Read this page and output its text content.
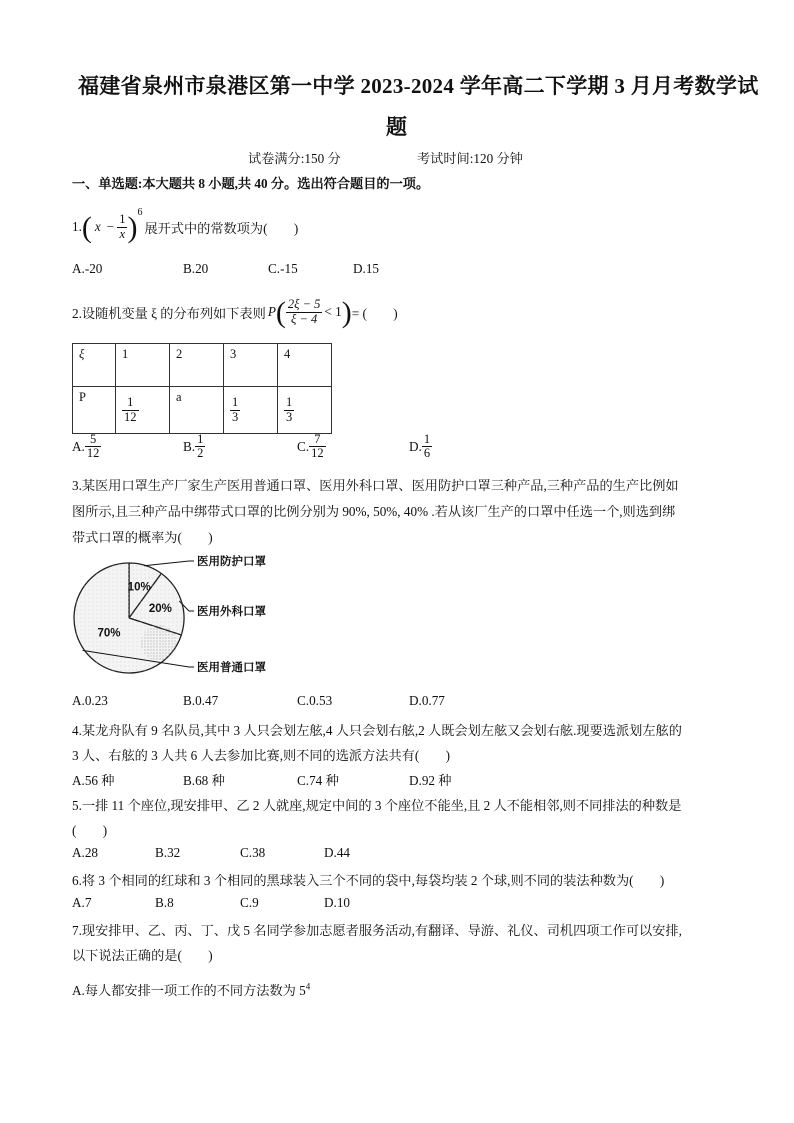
福建省泉州市泉港区第一中学 2023-2024 学年高二下学期 3 月月考数学试
题
试卷满分:150 分	考试时间:120 分钟
一、单选题:本大题共 8 小题,共 40 分。选出符合题目的一项。
1. ( $x - \frac{1}{x} )^6$
展开式中的常数项为(　　)
A.-20	B.20	C.-15	D.15
2.设随机变量 ξ 的分布列如下表则 P ( $\frac{2\xi - 5}{\xi - 4} < 1$ ) = (　　)
ξ	1	2	3	4
P	$\frac{1}{12}$	a	$\frac{1}{3}$	$\frac{1}{3}$
A. $\frac{5}{12}$	B. $\frac{1}{2}$	C. $\frac{7}{12}$	D. $\frac{1}{6}$
3.某医用口罩生产厂家生产医用普通口罩、医用外科口罩、医用防护口罩三种产品,三种产品的生产比例如
图所示,且三种产品中绑带式口罩的比例分别为 90%, 50%, 40% .若从该厂生产的口罩中任选一个,则选到绑
带式口罩的概率为(　　)
10%
医用防护口罩
20% 医用外科口罩
70%
医用普通口罩
A.0.23	B.0.47	C.0.53	D.0.77
4.某龙舟队有 9 名队员,其中 3 人只会划左舷,4 人只会划右舷,2 人既会划左舷又会划右舷.现要选派划左舷的
3 人、右舷的 3 人共 6 人去参加比赛,则不同的选派方法共有(　　)
A.56 种	B.68 种	C.74 种	D.92 种
5.一排 11 个座位,现安排甲、乙 2 人就座,规定中间的 3 个座位不能坐,且 2 人不能相邻,则不同排法的种数是
(　　)
A.28	B.32	C.38	D.44
6.将 3 个相同的红球和 3 个相同的黑球装入三个不同的袋中,每袋均装 2 个球,则不同的装法种数为(　　)
A.7	B.8	C.9	D.10
7.现安排甲、乙、丙、丁、戊 5 名同学参加志愿者服务活动,有翻译、导游、礼仪、司机四项工作可以安排,
以下说法正确的是(　　)
A.每人都安排一项工作的不同方法数为 $5^4$
